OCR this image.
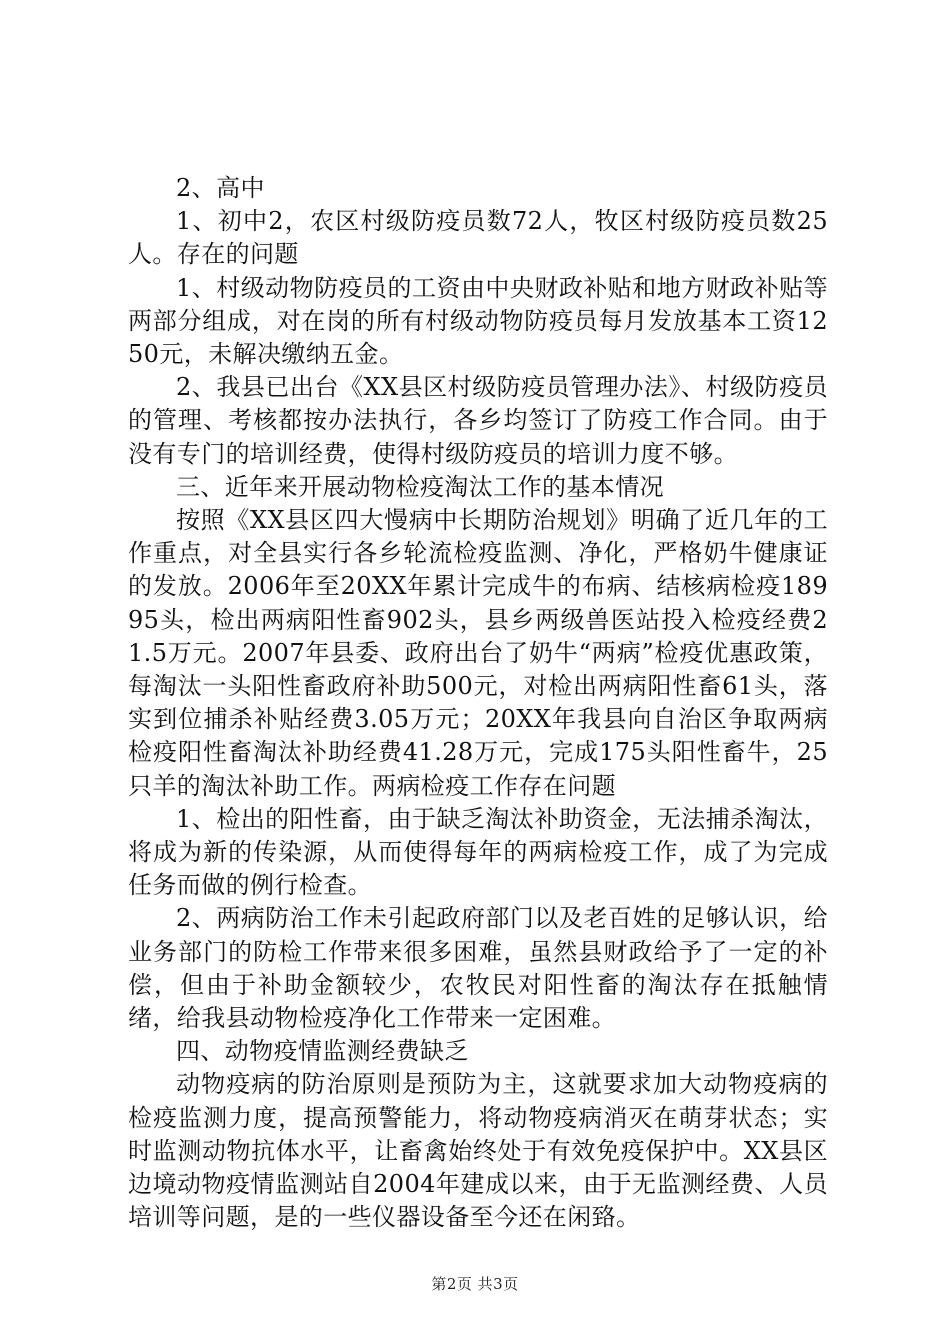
2、高中

1、初中2，农区村级防疫员数72人，牧区村级防疫员数25人。存在的问题

1、村级动物防疫员的工资由中央财政补贴和地方财政补贴等两部分组成，对在岗的所有村级动物防疫员每月发放基本工资1250元，未解决缴纳五金。

2、我县已出台《XX县区村级防疫员管理办法》、村级防疫员的管理、考核都按办法执行，各乡均签订了防疫工作合同。由于没有专门的培训经费，使得村级防疫员的培训力度不够。

三、近年来开展动物检疫淘汰工作的基本情况

按照《XX县区四大慢病中长期防治规划》明确了近几年的工作重点，对全县实行各乡轮流检疫监测、净化，严格奶牛健康证的发放。2006年至20XX年累计完成牛的布病、结核病检疫18995头，检出两病阳性畜902头，县乡两级兽医站投入检疫经费21.5万元。2007年县委、政府出台了奶牛“两病”检疫优惠政策，每淘汰一头阳性畜政府补助500元，对检出两病阳性畜61头，落实到位捕杀补贴经费3.05万元；20XX年我县向自治区争取两病检疫阳性畜淘汰补助经费41.28万元，完成175头阳性畜牛，25只羊的淘汰补助工作。两病检疫工作存在问题

1、检出的阳性畜，由于缺乏淘汰补助资金，无法捕杀淘汰，将成为新的传染源，从而使得每年的两病检疫工作，成了为完成任务而做的例行检查。

2、两病防治工作未引起政府部门以及老百姓的足够认识，给业务部门的防检工作带来很多困难，虽然县财政给予了一定的补偿，但由于补助金额较少，农牧民对阳性畜的淘汰存在抵触情绪，给我县动物检疫净化工作带来一定困难。

四、动物疫情监测经费缺乏

动物疫病的防治原则是预防为主，这就要求加大动物疫病的检疫监测力度，提高预警能力，将动物疫病消灭在萌芽状态；实时监测动物抗体水平，让畜禽始终处于有效免疫保护中。XX县区边境动物疫情监测站自2004年建成以来，由于无监测经费、人员培训等问题，是的一些仪器设备至今还在闲臵。

第2页 共3页
